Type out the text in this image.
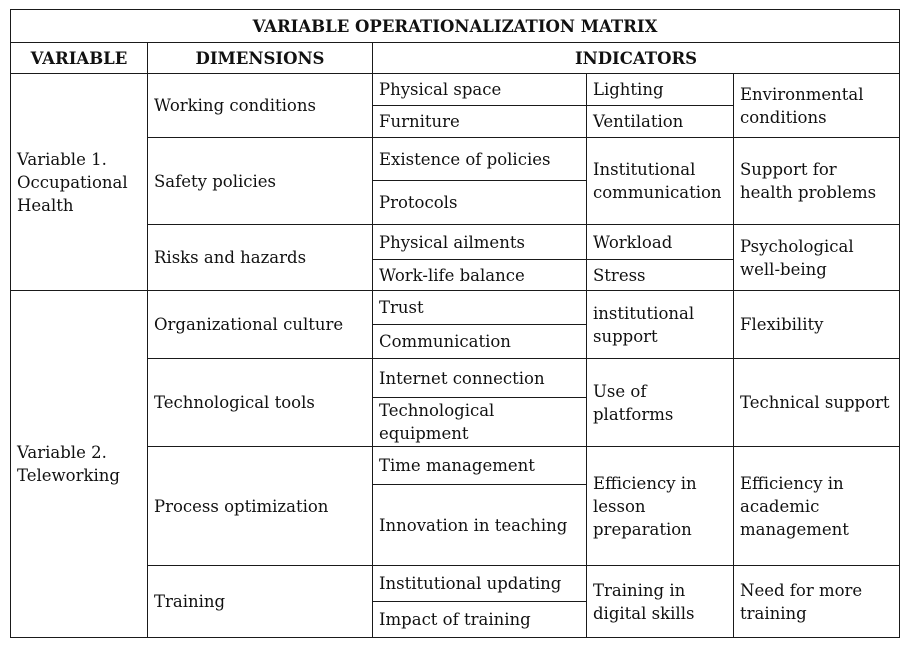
VARIABLE OPERATIONALIZATION MATRIX				
VARIABLE	DIMENSIONS	INDICATORS		
Variable 1. Occupational Health	Working conditions	Physical space	Lighting	Environmental conditions
		Furniture	Ventilation	
	Safety policies	Existence of policies	Institutional communication	Support for health problems
		Protocols		
	Risks and hazards	Physical ailments	Workload	Psychological well-being
		Work-life balance	Stress	
Variable 2. Teleworking	Organizational culture	Trust	institutional support	Flexibility
		Communication		
	Technological tools	Internet connection	Use of platforms	Technical support
		Technological equipment		
	Process optimization	Time management	Efficiency in lesson preparation	Efficiency in academic management
		Innovation in teaching		
	Training	Institutional updating	Training in digital skills	Need for more training
		Impact of training		
